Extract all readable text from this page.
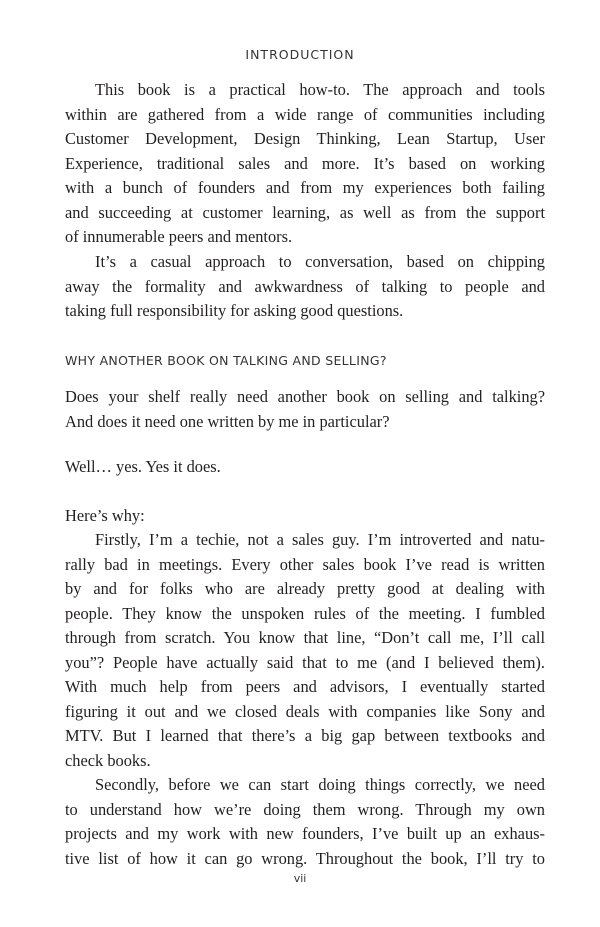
INTRODUCTION
This book is a practical how-to. The approach and tools
within are gathered from a wide range of communities including
Customer Development, Design Thinking, Lean Startup, User
Experience, traditional sales and more. It’s based on working
with a bunch of founders and from my experiences both failing
and succeeding at customer learning, as well as from the support
of innumerable peers and mentors.
It’s a casual approach to conversation, based on chipping
away the formality and awkwardness of talking to people and
taking full responsibility for asking good questions.
Does your shelf really need another book on selling and talking?
And does it need one written by me in particular?
Well… yes. Yes it does.
Here’s why:
Firstly, I’m a techie, not a sales guy. I’m introverted and natu-
rally bad in meetings. Every other sales book I’ve read is written
by and for folks who are already pretty good at dealing with
people. They know the unspoken rules of the meeting. I fumbled
through from scratch. You know that line, “Don’t call me, I’ll call
you”? People have actually said that to me (and I believed them).
With much help from peers and advisors, I eventually started
figuring it out and we closed deals with companies like Sony and
MTV. But I learned that there’s a big gap between textbooks and
check books.
Secondly, before we can start doing things correctly, we need
to understand how we’re doing them wrong. Through my own
projects and my work with new founders, I’ve built up an exhaus-
tive list of how it can go wrong. Throughout the book, I’ll try to
WHY ANOTHER BOOK ON TALKING AND SELLING?
vii
